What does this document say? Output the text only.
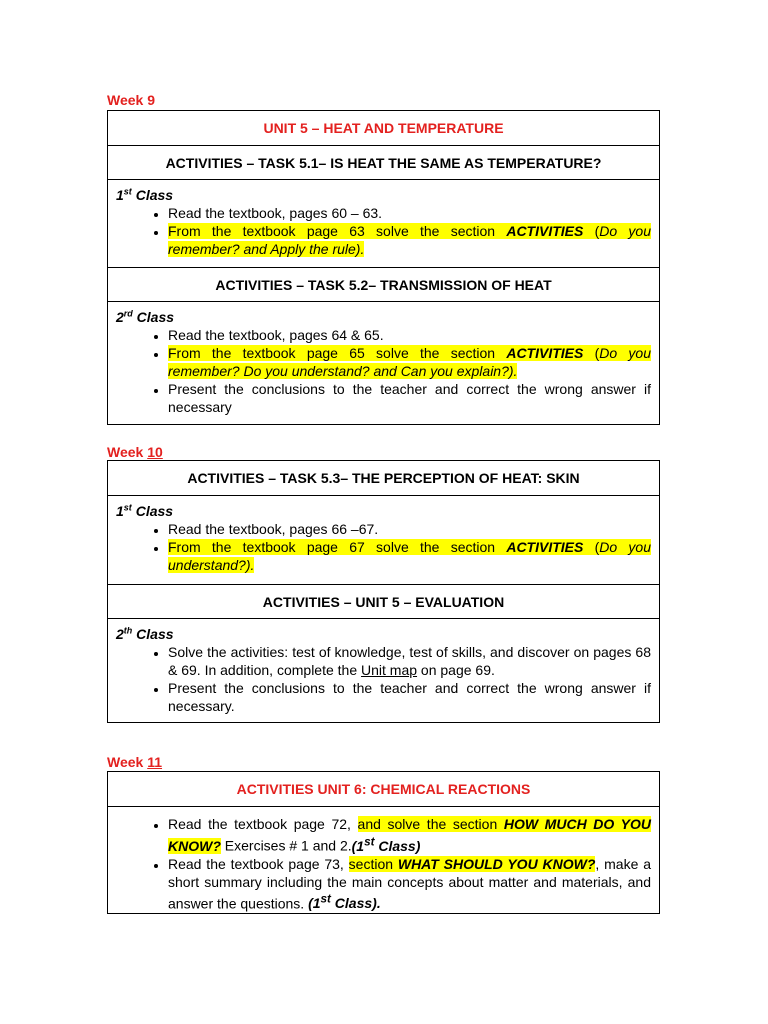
Week 9
UNIT 5 – HEAT AND TEMPERATURE
ACTIVITIES – TASK 5.1– IS HEAT THE SAME AS TEMPERATURE?
1st Class
• Read the textbook, pages 60 – 63.
• From the textbook page 63 solve the section ACTIVITIES (Do you remember? and Apply the rule).
ACTIVITIES – TASK 5.2– TRANSMISSION OF HEAT
2rd Class
• Read the textbook, pages 64 & 65.
• From the textbook page 65 solve the section ACTIVITIES (Do you remember? Do you understand? and Can you explain?).
• Present the conclusions to the teacher and correct the wrong answer if necessary
Week 10
ACTIVITIES – TASK 5.3– THE PERCEPTION OF HEAT: SKIN
1st Class
• Read the textbook, pages 66 –67.
• From the textbook page 67 solve the section ACTIVITIES (Do you understand?).
ACTIVITIES – UNIT 5 – EVALUATION
2th Class
• Solve the activities: test of knowledge, test of skills, and discover on pages 68 & 69. In addition, complete the Unit map on page 69.
• Present the conclusions to the teacher and correct the wrong answer if necessary.
Week 11
ACTIVITIES UNIT 6: CHEMICAL REACTIONS
• Read the textbook page 72, and solve the section HOW MUCH DO YOU KNOW? Exercises # 1 and 2.(1st Class)
• Read the textbook page 73, section WHAT SHOULD YOU KNOW?, make a short summary including the main concepts about matter and materials, and answer the questions. (1st Class).
